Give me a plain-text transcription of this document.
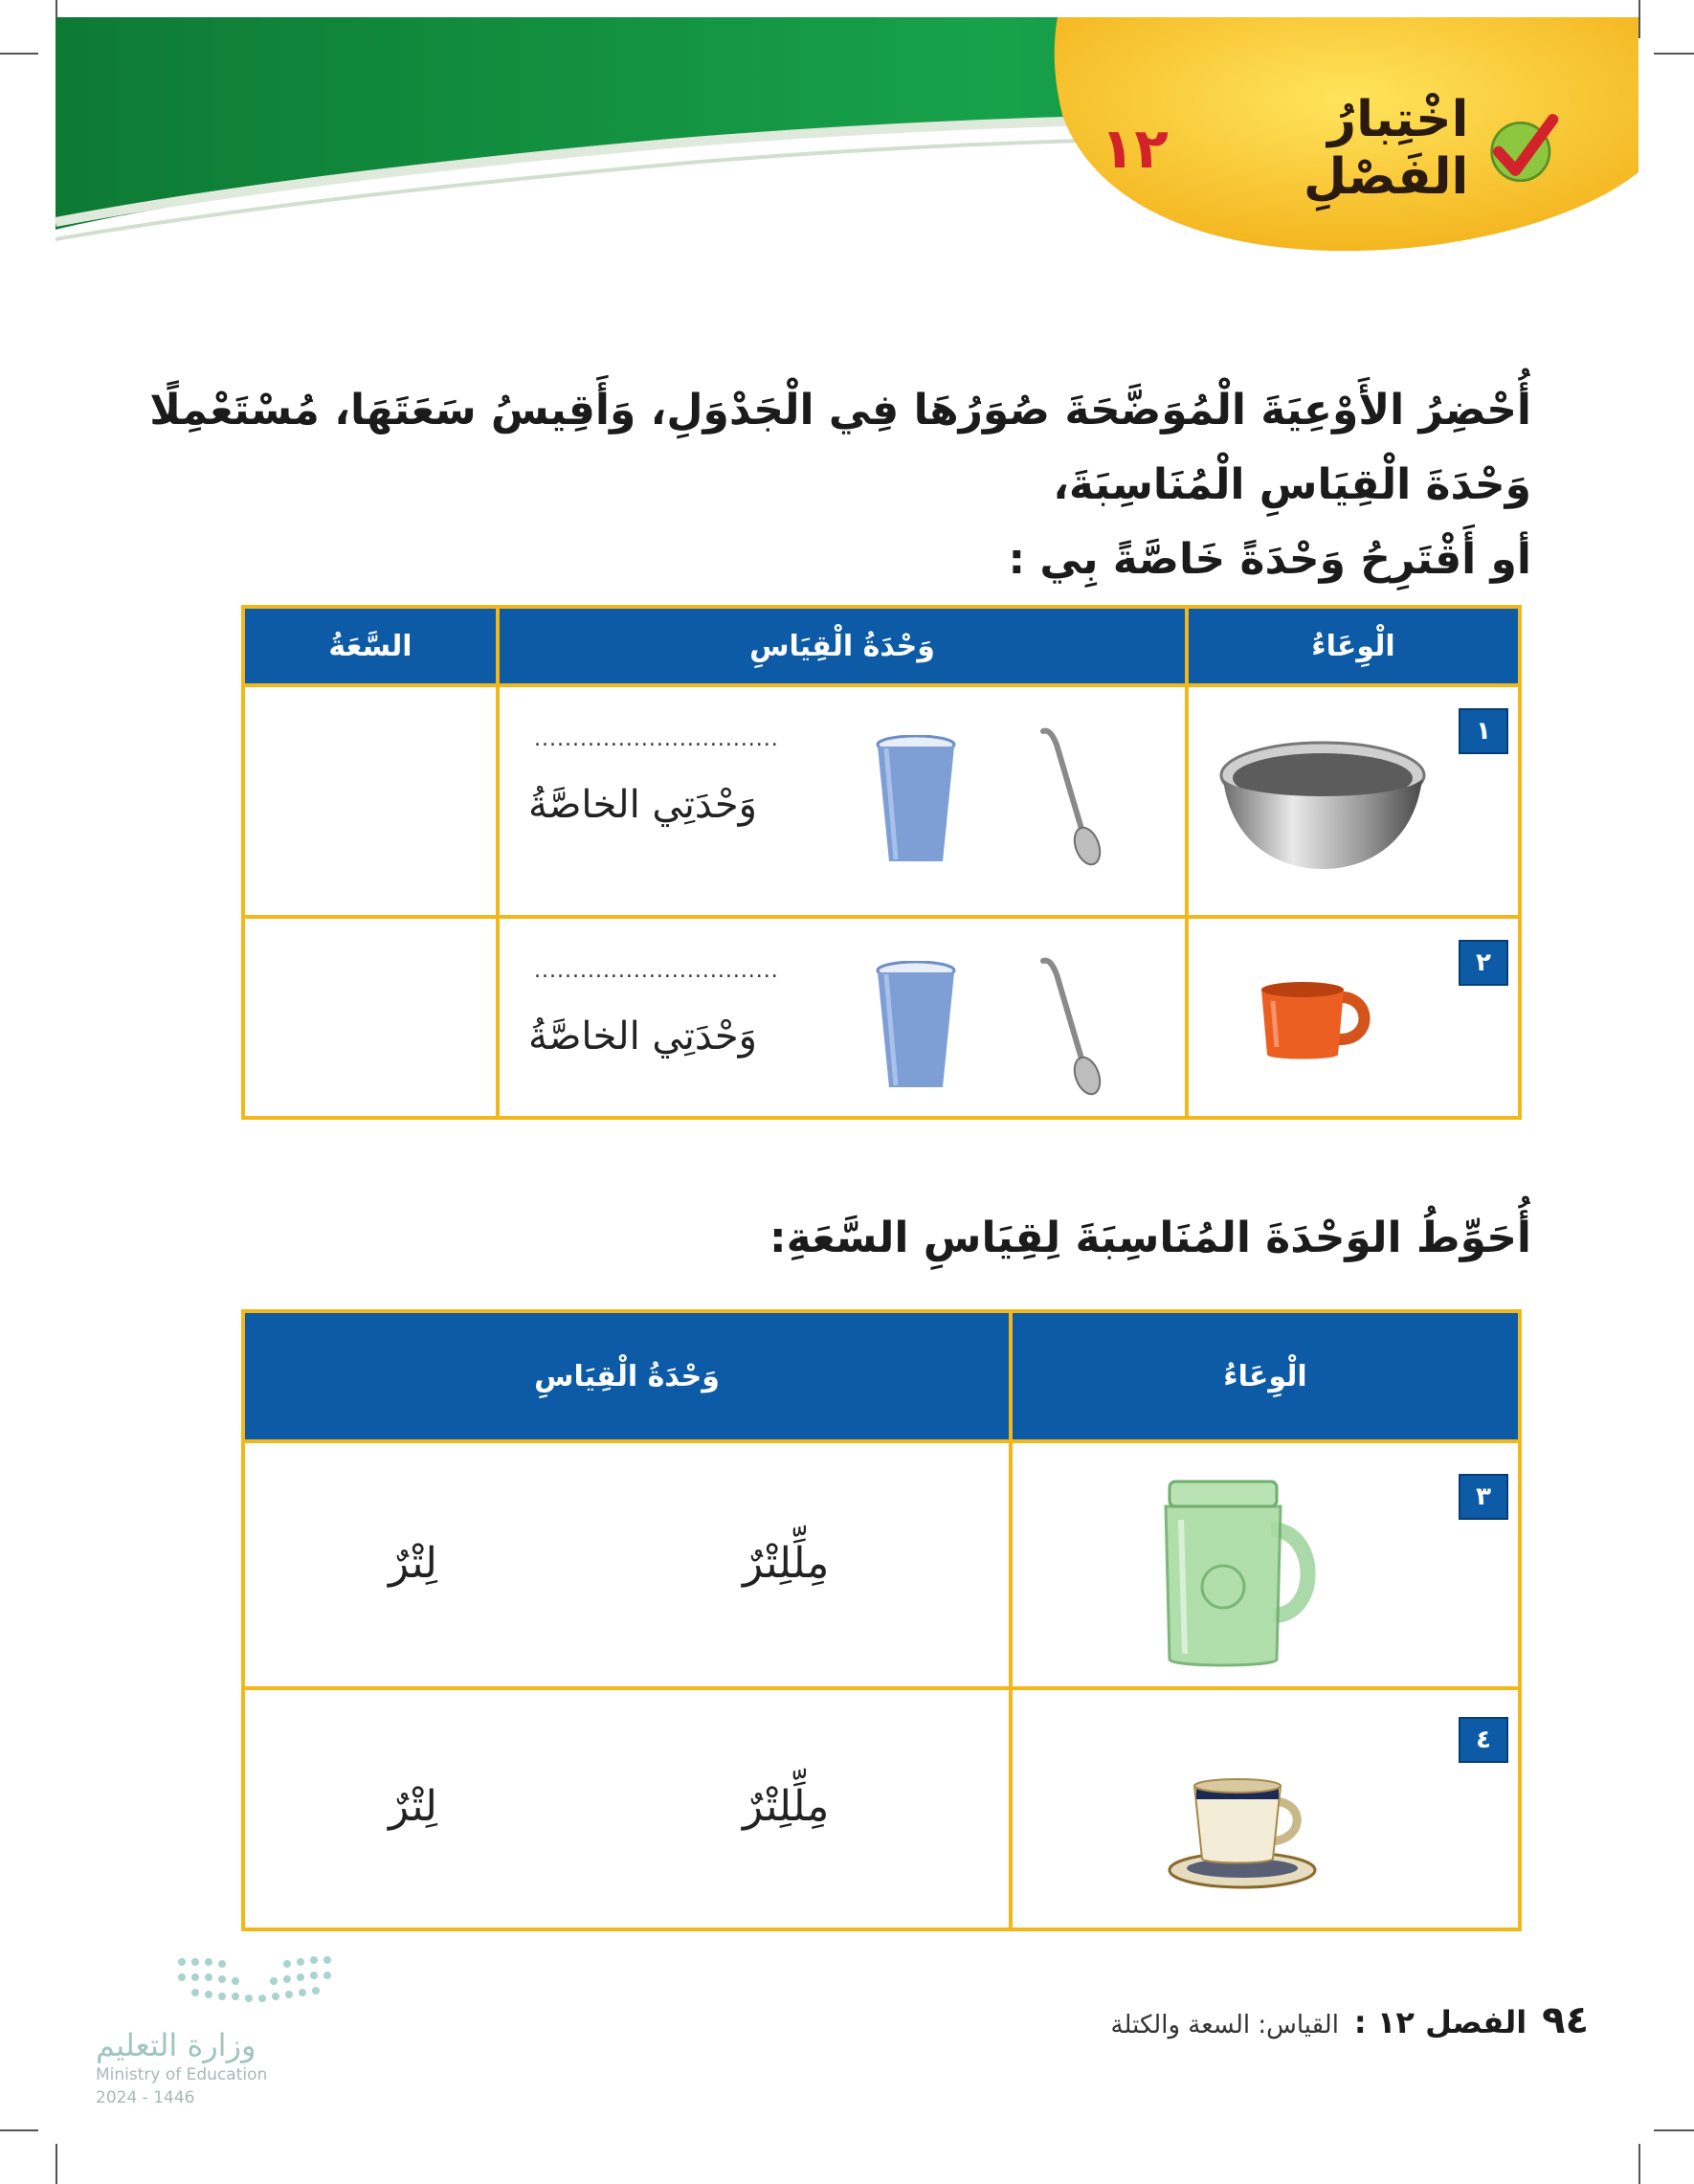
اخْتِبارُ الفَصْلِ
١٢
أُحْضِرُ الأَوْعِيَةَ الْمُوَضَّحَةَ صُوَرُهَا فِي الْجَدْوَلِ، وَأَقِيسُ سَعَتَهَا، مُسْتَعْمِلًا وَحْدَةَ الْقِيَاسِ الْمُنَاسِبَةَ،
أو أَقْتَرِحُ وَحْدَةً خَاصَّةً بِي :
الْوِعَاءُ
وَحْدَةُ الْقِيَاسِ
السَّعَةُ
١
................................
وَحْدَتِي الخاصَّةُ
٢
................................
وَحْدَتِي الخاصَّةُ
أُحَوِّطُ الوَحْدَةَ المُنَاسِبَةَ لِقِيَاسِ السَّعَةِ:
الْوِعَاءُ
وَحْدَةُ الْقِيَاسِ
٣
مِلِّلِتْرٌ
لِتْرٌ
٤
مِلِّلِتْرٌ
لِتْرٌ
وزارة التعليم
Ministry of Education
2024 - 1446
٩٤
الفصل ١٢ :
القياس: السعة والكتلة
